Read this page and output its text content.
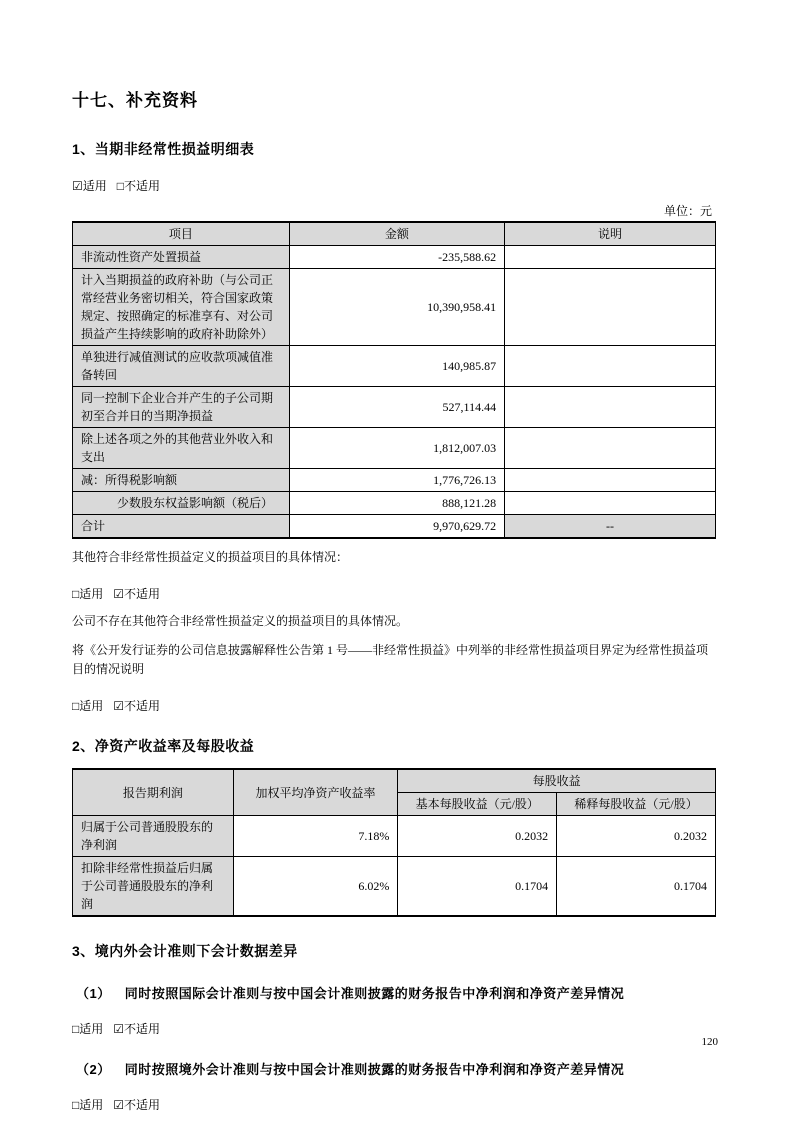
十七、补充资料
1、当期非经常性损益明细表
☑适用 □不适用
单位：元
项目	金额	说明
非流动性资产处置损益	-235,588.62	
计入当期损益的政府补助（与公司正常经营业务密切相关，符合国家政策规定、按照确定的标准享有、对公司损益产生持续影响的政府补助除外）	10,390,958.41	
单独进行减值测试的应收款项减值准备转回	140,985.87	
同一控制下企业合并产生的子公司期初至合并日的当期净损益	527,114.44	
除上述各项之外的其他营业外收入和支出	1,812,007.03	
减：所得税影响额	1,776,726.13	
少数股东权益影响额（税后）	888,121.28	
合计	9,970,629.72	--
其他符合非经常性损益定义的损益项目的具体情况：
□适用 ☑不适用
公司不存在其他符合非经常性损益定义的损益项目的具体情况。
将《公开发行证券的公司信息披露解释性公告第 1 号——非经常性损益》中列举的非经常性损益项目界定为经常性损益项目的情况说明
□适用 ☑不适用
2、净资产收益率及每股收益
报告期利润	加权平均净资产收益率	每股收益	
		基本每股收益（元/股）	稀释每股收益（元/股）
归属于公司普通股股东的净利润	7.18%	0.2032	0.2032
扣除非经常性损益后归属于公司普通股股东的净利润	6.02%	0.1704	0.1704
3、境内外会计准则下会计数据差异
（1） 同时按照国际会计准则与按中国会计准则披露的财务报告中净利润和净资产差异情况
□适用 ☑不适用
（2） 同时按照境外会计准则与按中国会计准则披露的财务报告中净利润和净资产差异情况
□适用 ☑不适用
120
